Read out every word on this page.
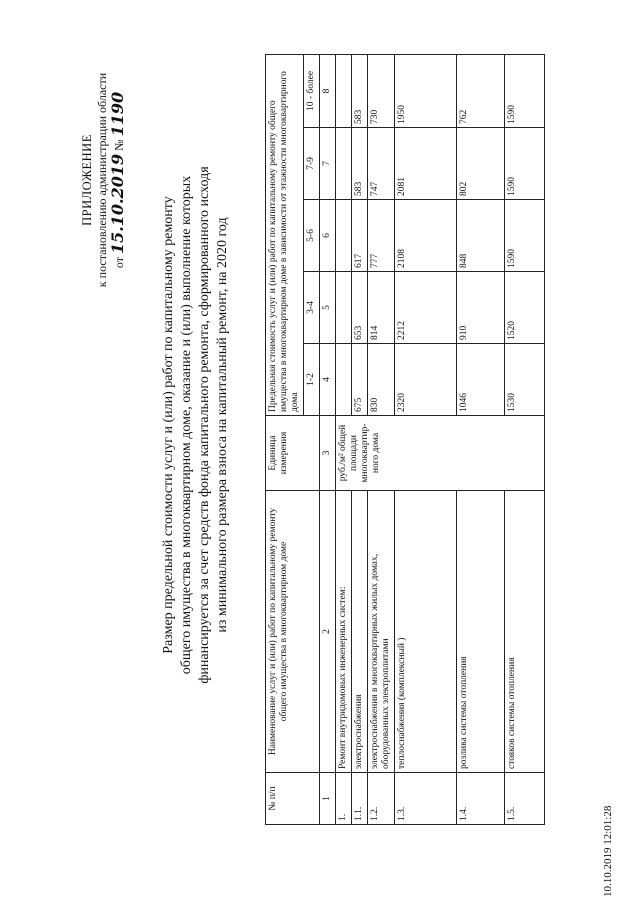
ПРИЛОЖЕНИЕ к постановлению администрации области от 15.10.2019 № 1190
Размер предельной стоимости услуг и (или) работ по капитальному ремонту общего имущества в многоквартирном доме, оказание и (или) выполнение которых финансируется за счет средств фонда капитального ремонта, сформированного исходя из минимального размера взноса на капитальный ремонт, на 2020 год
№ п/п	Наименование услуг и (или) работ по капитальному ремонту общего имущества в многоквартирном доме	Единица измерения	Предельная стоимость услуг и (или) работ по капитальному ремонту общего имущества в многоквартирном доме в зависимости от этажности многоквартирного дома				
			1-2	3-4	5-6	7-9	10 - более
1	2	3	4	5	6	7	8
1.	Ремонт внутридомовых инженерных систем:	руб./м² общей площади многоквартир-ного дома					
1.1.	электроснабжения		675	653	617	583	583
1.2.	электроснабжения в многоквартирных жилых домах, оборудованных электроплитами		830	814	777	747	730
1.3.	теплоснабжения (комплексный )		2320	2212	2108	2081	1950
1.4.	розлива системы отопления		1046	910	848	802	762
1.5.	стояков системы отопления		1530	1520	1590	1590	1590
10.10.2019 12:01:28
